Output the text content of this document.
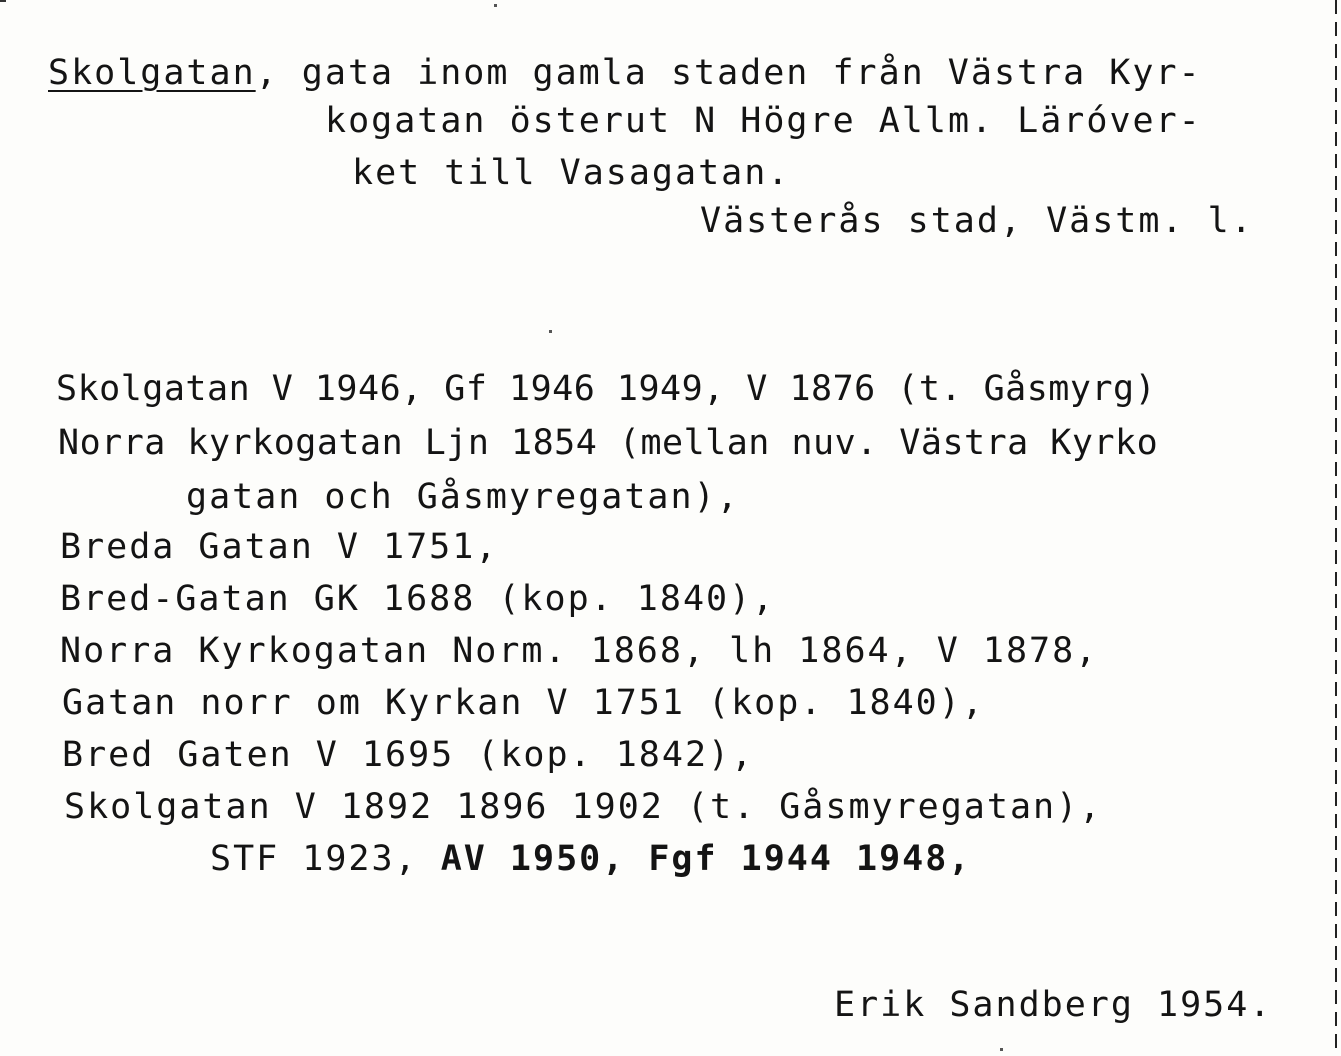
Skolgatan, gata inom gamla staden från Västra Kyr-
kogatan österut N Högre Allm. Läróver-
ket till Vasagatan.
Västerås stad, Västm. l.
Skolgatan V 1946, Gf 1946 1949, V 1876 (t. Gåsmyrg)
Norra kyrkogatan Ljn 1854 (mellan nuv. Västra Kyrko
gatan och Gåsmyregatan),
Breda Gatan V 1751,
Bred-Gatan GK 1688 (kop. 1840),
Norra Kyrkogatan Norm. 1868, lh 1864, V 1878,
Gatan norr om Kyrkan V 1751 (kop. 1840),
Bred Gaten V 1695 (kop. 1842),
Skolgatan V 1892 1896 1902 (t. Gåsmyregatan),
STF 1923, AV 1950, Fgf 1944 1948,
Erik Sandberg 1954.
